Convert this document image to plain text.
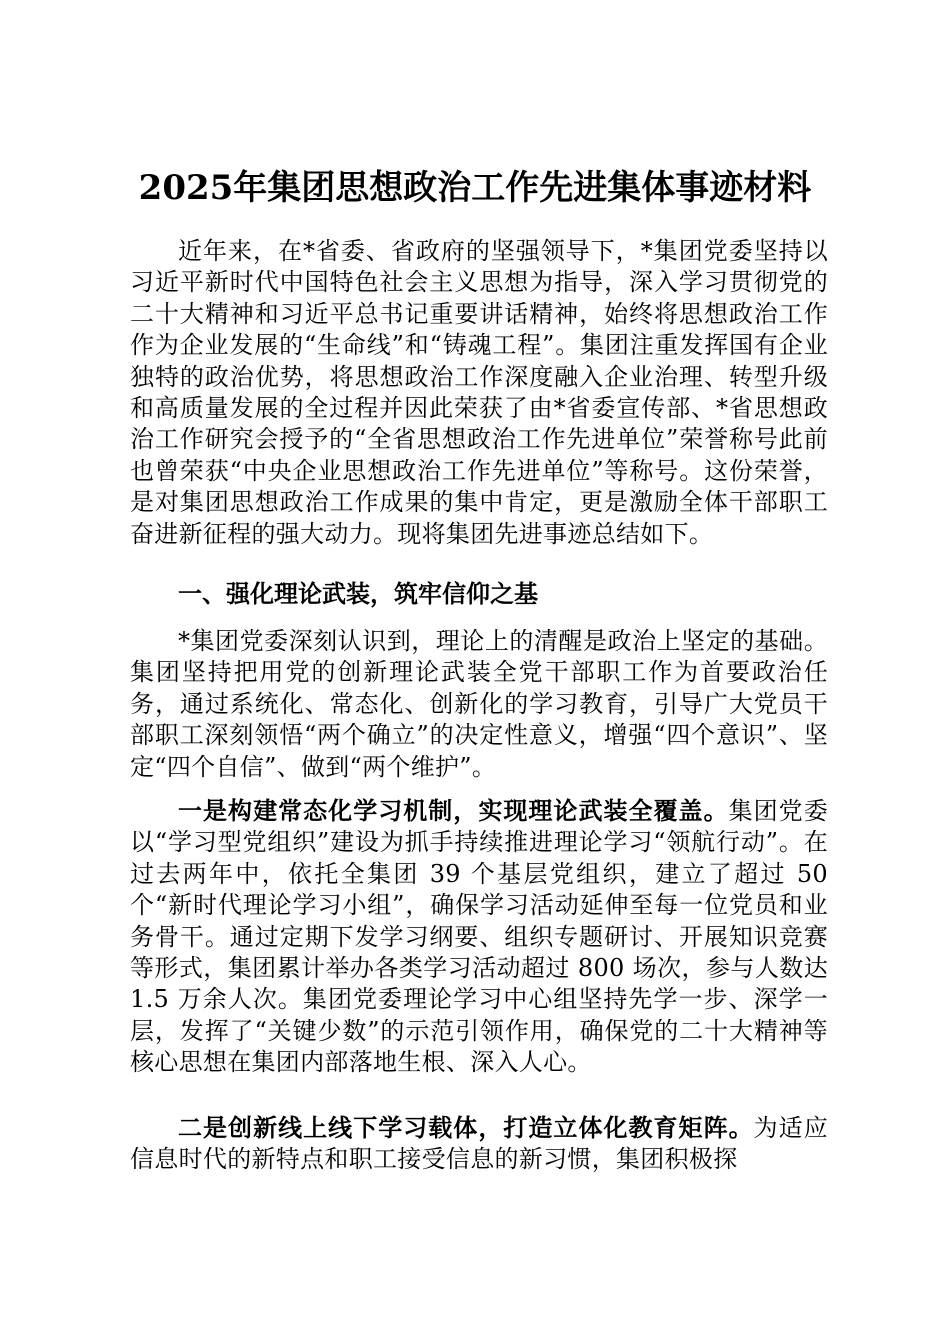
2025年集团思想政治工作先进集体事迹材料

近年来，在*省委、省政府的坚强领导下，*集团党委坚持以习近平新时代中国特色社会主义思想为指导，深入学习贯彻党的二十大精神和习近平总书记重要讲话精神，始终将思想政治工作作为企业发展的“生命线”和“铸魂工程”。集团注重发挥国有企业独特的政治优势，将思想政治工作深度融入企业治理、转型升级和高质量发展的全过程并因此荣获了由*省委宣传部、*省思想政治工作研究会授予的“全省思想政治工作先进单位”荣誉称号此前也曾荣获“中央企业思想政治工作先进单位”等称号。这份荣誉，是对集团思想政治工作成果的集中肯定，更是激励全体干部职工奋进新征程的强大动力。现将集团先进事迹总结如下。

一、强化理论武装，筑牢信仰之基

*集团党委深刻认识到，理论上的清醒是政治上坚定的基础。集团坚持把用党的创新理论武装全党干部职工作为首要政治任务，通过系统化、常态化、创新化的学习教育，引导广大党员干部职工深刻领悟“两个确立”的决定性意义，增强“四个意识”、坚定“四个自信”、做到“两个维护”。

一是构建常态化学习机制，实现理论武装全覆盖。集团党委以“学习型党组织”建设为抓手持续推进理论学习“领航行动”。在过去两年中，依托全集团 39 个基层党组织，建立了超过 50 个“新时代理论学习小组”，确保学习活动延伸至每一位党员和业务骨干。通过定期下发学习纲要、组织专题研讨、开展知识竞赛等形式，集团累计举办各类学习活动超过 800 场次，参与人数达 1.5 万余人次。集团党委理论学习中心组坚持先学一步、深学一层，发挥了“关键少数”的示范引领作用，确保党的二十大精神等核心思想在集团内部落地生根、深入人心。

二是创新线上线下学习载体，打造立体化教育矩阵。为适应信息时代的新特点和职工接受信息的新习惯，集团积极探
